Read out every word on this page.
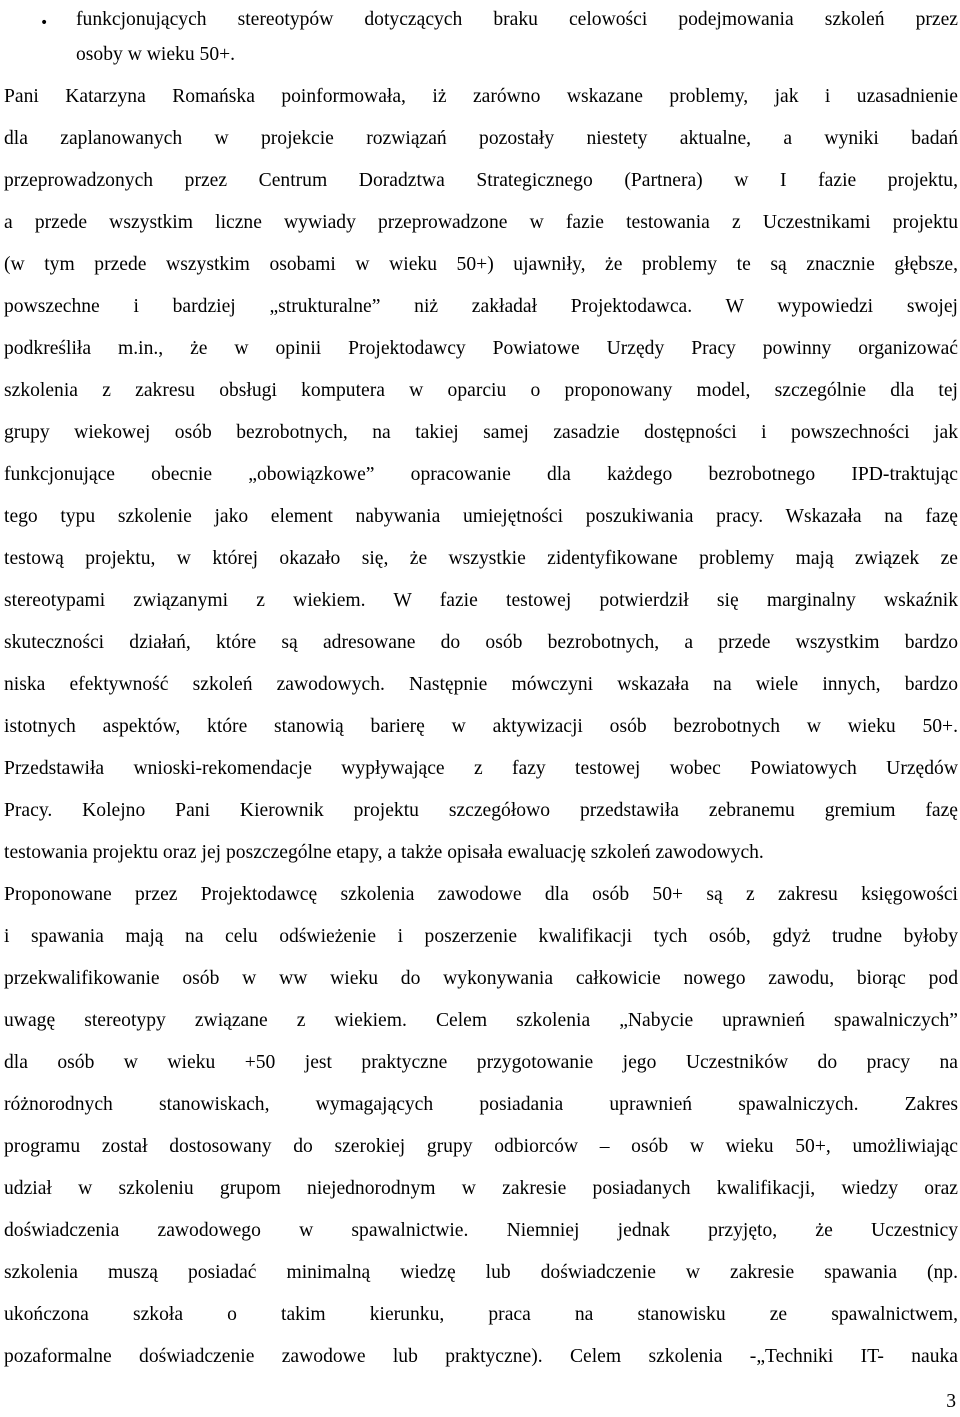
•	funkcjonujących stereotypów dotyczących braku celowości podejmowania szkoleń przez
osoby w wieku 50+.
Pani Katarzyna Romańska poinformowała, iż zarówno wskazane problemy, jak i uzasadnienie
dla zaplanowanych w projekcie rozwiązań pozostały niestety aktualne, a wyniki badań
przeprowadzonych przez Centrum Doradztwa Strategicznego (Partnera) w I fazie projektu,
a przede wszystkim liczne wywiady przeprowadzone w fazie testowania z Uczestnikami projektu
(w tym przede wszystkim osobami w wieku 50+) ujawniły, że problemy te są znacznie głębsze,
powszechne i bardziej „strukturalne” niż zakładał Projektodawca. W wypowiedzi swojej
podkreśliła m.in., że w opinii Projektodawcy Powiatowe Urzędy Pracy powinny organizować
szkolenia z zakresu obsługi komputera w oparciu o proponowany model, szczególnie dla tej
grupy wiekowej osób bezrobotnych, na takiej samej zasadzie dostępności i powszechności jak
funkcjonujące obecnie „obowiązkowe” opracowanie dla każdego bezrobotnego IPD-traktując
tego typu szkolenie jako element nabywania umiejętności poszukiwania pracy. Wskazała na fazę
testową projektu, w której okazało się, że wszystkie zidentyfikowane problemy mają związek ze
stereotypami związanymi z wiekiem. W fazie testowej potwierdził się marginalny wskaźnik
skuteczności działań, które są adresowane do osób bezrobotnych, a przede wszystkim bardzo
niska efektywność szkoleń zawodowych. Następnie mówczyni wskazała na wiele innych, bardzo
istotnych aspektów, które stanowią barierę w aktywizacji osób bezrobotnych w wieku 50+.
Przedstawiła wnioski-rekomendacje wypływające z fazy testowej wobec Powiatowych Urzędów
Pracy. Kolejno Pani Kierownik projektu szczegółowo przedstawiła zebranemu gremium fazę
testowania projektu oraz jej poszczególne etapy, a także opisała ewaluację szkoleń zawodowych.
Proponowane przez Projektodawcę szkolenia zawodowe dla osób 50+ są z zakresu księgowości
i spawania mają na celu odświeżenie i poszerzenie kwalifikacji tych osób, gdyż trudne byłoby
przekwalifikowanie osób w ww wieku do wykonywania całkowicie nowego zawodu, biorąc pod
uwagę stereotypy związane z wiekiem. Celem szkolenia „Nabycie uprawnień spawalniczych”
dla osób w wieku +50 jest praktyczne przygotowanie jego Uczestników do pracy na
różnorodnych stanowiskach, wymagających posiadania uprawnień spawalniczych. Zakres
programu został dostosowany do szerokiej grupy odbiorców – osób w wieku 50+, umożliwiając
udział w szkoleniu grupom niejednorodnym w zakresie posiadanych kwalifikacji, wiedzy oraz
doświadczenia zawodowego w spawalnictwie. Niemniej jednak przyjęto, że Uczestnicy
szkolenia muszą posiadać minimalną wiedzę lub doświadczenie w zakresie spawania (np.
ukończona szkoła o takim kierunku, praca na stanowisku ze spawalnictwem,
pozaformalne doświadczenie zawodowe lub praktyczne). Celem szkolenia -„Techniki IT- nauka
3
